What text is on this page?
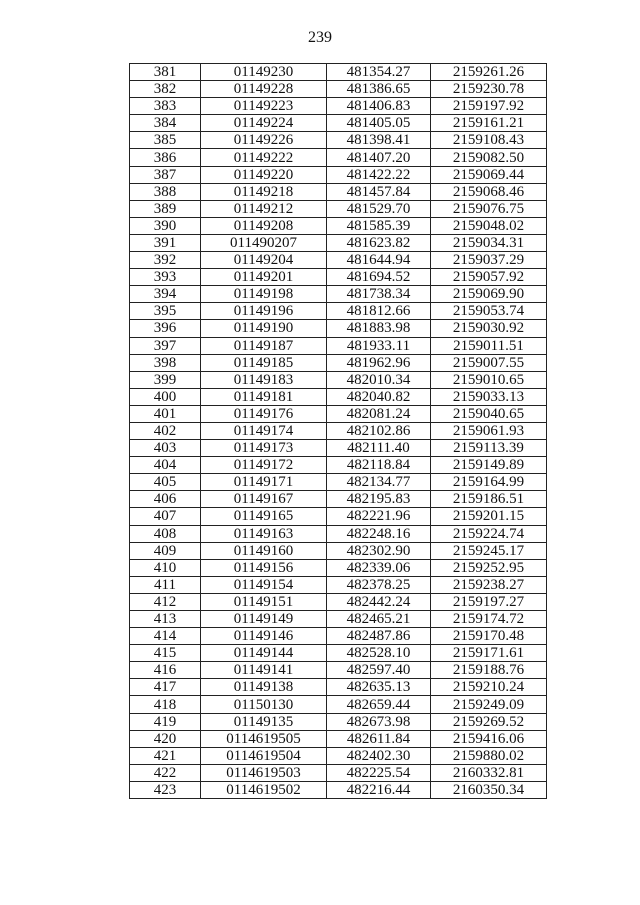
239
381	01149230	481354.27	2159261.26
382	01149228	481386.65	2159230.78
383	01149223	481406.83	2159197.92
384	01149224	481405.05	2159161.21
385	01149226	481398.41	2159108.43
386	01149222	481407.20	2159082.50
387	01149220	481422.22	2159069.44
388	01149218	481457.84	2159068.46
389	01149212	481529.70	2159076.75
390	01149208	481585.39	2159048.02
391	011490207	481623.82	2159034.31
392	01149204	481644.94	2159037.29
393	01149201	481694.52	2159057.92
394	01149198	481738.34	2159069.90
395	01149196	481812.66	2159053.74
396	01149190	481883.98	2159030.92
397	01149187	481933.11	2159011.51
398	01149185	481962.96	2159007.55
399	01149183	482010.34	2159010.65
400	01149181	482040.82	2159033.13
401	01149176	482081.24	2159040.65
402	01149174	482102.86	2159061.93
403	01149173	482111.40	2159113.39
404	01149172	482118.84	2159149.89
405	01149171	482134.77	2159164.99
406	01149167	482195.83	2159186.51
407	01149165	482221.96	2159201.15
408	01149163	482248.16	2159224.74
409	01149160	482302.90	2159245.17
410	01149156	482339.06	2159252.95
411	01149154	482378.25	2159238.27
412	01149151	482442.24	2159197.27
413	01149149	482465.21	2159174.72
414	01149146	482487.86	2159170.48
415	01149144	482528.10	2159171.61
416	01149141	482597.40	2159188.76
417	01149138	482635.13	2159210.24
418	01150130	482659.44	2159249.09
419	01149135	482673.98	2159269.52
420	0114619505	482611.84	2159416.06
421	0114619504	482402.30	2159880.02
422	0114619503	482225.54	2160332.81
423	0114619502	482216.44	2160350.34
